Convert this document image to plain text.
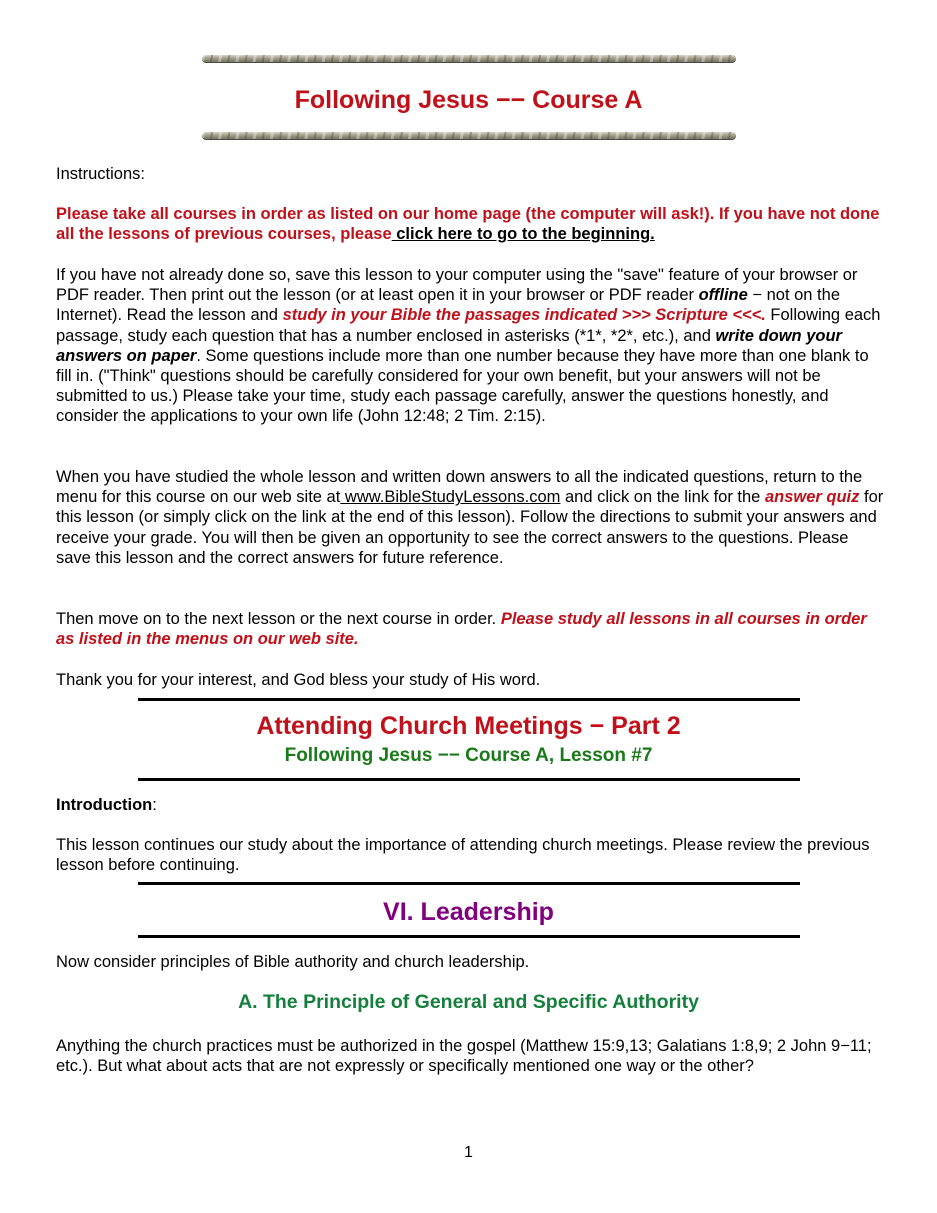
Following Jesus −− Course A

Instructions:

Please take all courses in order as listed on our home page (the computer will ask!). If you have not done all the lessons of previous courses, please click here to go to the beginning.

If you have not already done so, save this lesson to your computer using the "save" feature of your browser or PDF reader. Then print out the lesson (or at least open it in your browser or PDF reader offline − not on the Internet). Read the lesson and study in your Bible the passages indicated >>> Scripture <<<. Following each passage, study each question that has a number enclosed in asterisks (*1*, *2*, etc.), and write down your answers on paper. Some questions include more than one number because they have more than one blank to fill in. ("Think" questions should be carefully considered for your own benefit, but your answers will not be submitted to us.) Please take your time, study each passage carefully, answer the questions honestly, and consider the applications to your own life (John 12:48; 2 Tim. 2:15).

When you have studied the whole lesson and written down answers to all the indicated questions, return to the menu for this course on our web site at www.BibleStudyLessons.com and click on the link for the answer quiz for this lesson (or simply click on the link at the end of this lesson). Follow the directions to submit your answers and receive your grade. You will then be given an opportunity to see the correct answers to the questions. Please save this lesson and the correct answers for future reference.

Then move on to the next lesson or the next course in order. Please study all lessons in all courses in order as listed in the menus on our web site.

Thank you for your interest, and God bless your study of His word.

Attending Church Meetings − Part 2
Following Jesus −− Course A, Lesson #7

Introduction:

This lesson continues our study about the importance of attending church meetings. Please review the previous lesson before continuing.

VI. Leadership

Now consider principles of Bible authority and church leadership.

A. The Principle of General and Specific Authority

Anything the church practices must be authorized in the gospel (Matthew 15:9,13; Galatians 1:8,9; 2 John 9−11; etc.). But what about acts that are not expressly or specifically mentioned one way or the other?

1
